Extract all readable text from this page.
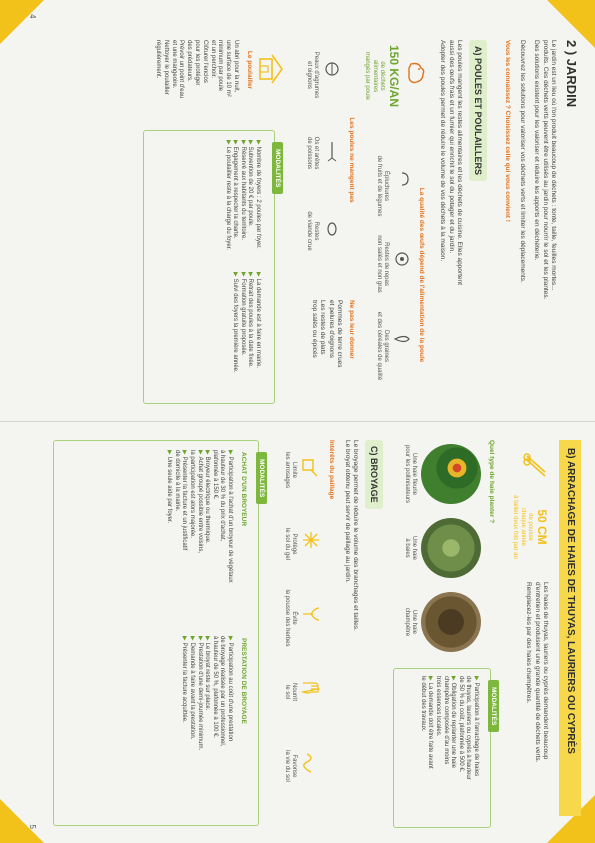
4
2 ) JARDIN
Le jardin est un lieu où l'on produit beaucoup de déchets : tonte, taille, feuilles mortes...
produits. Ces déchets verts peuvent être utilisés au jardin pour nourrir le sol et les plantes.
Des solutions existent pour les valoriser et réduire les apports en déchèterie.
Découvrez les solutions pour valoriser vos déchets verts et limiter les déplacements.
Vous les connaissez ? Choisissez celle qui vous convient !
A) POULES ET POULAILLERS
Les poules mangent les restes alimentaires et les déchets de cuisine. Elles apportent
aussi des œufs frais et un fumier qui enrichit le sol du potager et du jardin.
Adopter des poules permet de réduire le volume de vos déchets à la maison.
150 KG/AN
de déchets
alimentaires
mangés par poule
La qualité des œufs dépend de l'alimentation de la poule
Épluchures
de fruits et de légumes
Restes de repas
non salés et non gras
Des graines
et des céréales de qualité
Les poules ne mangent pas
Peaux d'agrumes
et oignons
Os et arêtes
de poissons
Restes
de viande crue
Ne pas leur donner
Pommes de terre crues
et pelures d'oignons
Les restes de plats
trop salés ou épicés
Le poulailler
Un abri pour la nuit,
une surface de 10 m²
minimum par poule
et un perchoir.
Clôturer l'enclos
pour les protéger
des prédateurs.
Prévoir un point d'eau
et une mangeoire.
Nettoyer le poulailler
régulièrement.
MODALITÉS
▶Nombre de foyers : 2 poules par foyer.
▶Subvention de 20 € par poule.
▶Réservé aux habitants du territoire.
▶Engagement à respecter la charte.
▶Le poulailler reste à la charge du foyer.
▶La demande est à faire en mairie.
▶Retrait des poules à la date fixée.
▶Formation gratuite proposée.
▶Suivi des foyers la première année.
5
B) ARRACHAGE DE HAIES DE THUYAS, LAURIERS OU CYPRÈS
50 CM
de pousse
chaque année
à tailler deux fois par an
Les haies de thuyas, lauriers ou cyprès demandent beaucoup
d'entretien et produisent une grande quantité de déchets verts.
Remplacez-les par des haies champêtres.
Quel type de haie planter ?
Une haie fleurie
pour les pollinisateurs
Une haie
à baies
Une haie
champêtre
MODALITÉS
▶Participation à l'arrachage de haies
de thuyas, lauriers ou cyprès à hauteur
de 50 % du coût, plafonnée à 500 €.
▶Obligation de replanter une haie
champêtre composée d'au moins
trois essences locales.
▶La demande doit être faite avant
le début des travaux.
C) BROYAGE
Le broyage permet de réduire le volume des branchages et tailles.
Le broyat obtenu peut servir de paillage au jardin.
Intérêts du paillage
Limite
les arrosages
Protège
le sol du gel
Évite
la pousse des herbes
Nourrit
le sol
Favorise
la vie du sol
MODALITÉS
ACHAT D'UN BROYEUR
▶Participation à l'achat d'un broyeur de végétaux
à hauteur de 30 % du prix d'achat,
plafonnée à 150 €.
▶Broyeur électrique ou thermique.
▶Achat groupé possible entre voisins,
la participation est alors majorée.
▶Présenter la facture et un justificatif
de domicile à la mairie.
▶Une seule aide par foyer.
PRESTATION DE BROYAGE
▶Participation au coût d'une prestation
de broyage réalisée par un professionnel,
à hauteur de 50 %, plafonnée à 100 €.
▶Le broyat reste sur place.
▶Prestation d'une demi-journée minimum.
▶Demande à faire avant la prestation.
▶Présenter la facture acquittée.
